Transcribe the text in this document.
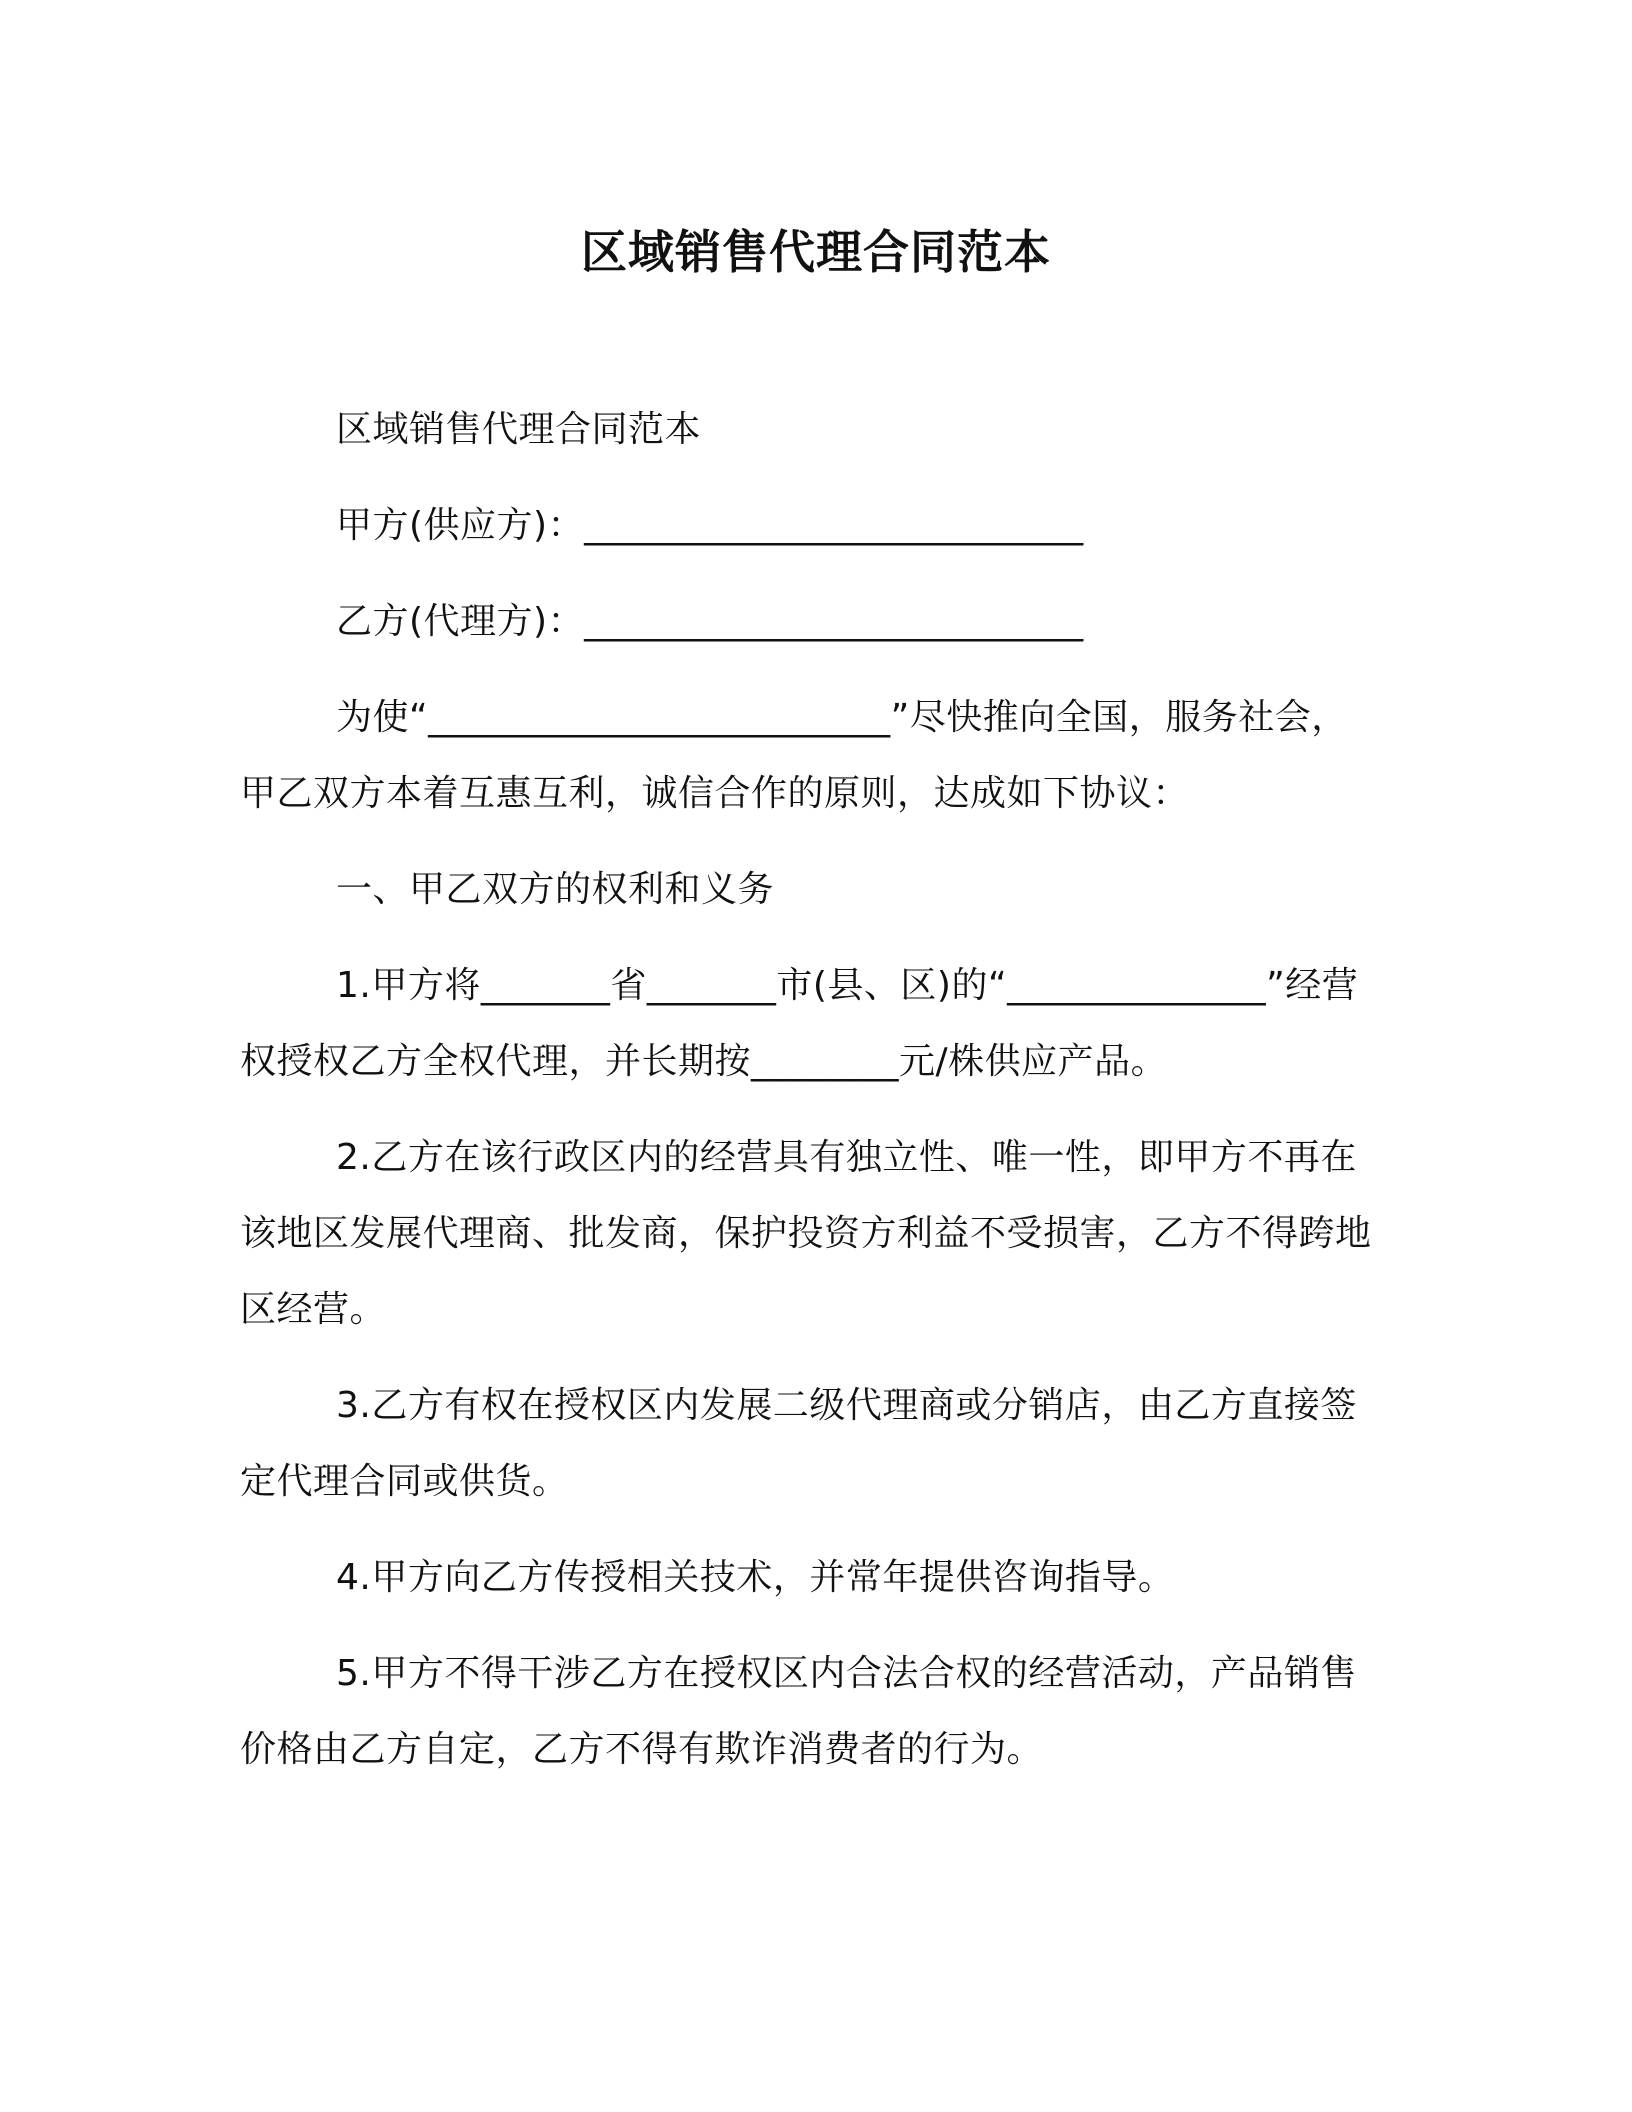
区域销售代理合同范本

区域销售代理合同范本

甲方(供应方)：___________________________

乙方(代理方)：___________________________

为使“_________________________”尽快推向全国，服务社会，甲乙双方本着互惠互利，诚信合作的原则，达成如下协议：

一、甲乙双方的权利和义务

1.甲方将_______省_______市(县、区)的“______________”经营权授权乙方全权代理，并长期按________元/株供应产品。

2.乙方在该行政区内的经营具有独立性、唯一性，即甲方不再在该地区发展代理商、批发商，保护投资方利益不受损害，乙方不得跨地区经营。

3.乙方有权在授权区内发展二级代理商或分销店，由乙方直接签定代理合同或供货。

4.甲方向乙方传授相关技术，并常年提供咨询指导。

5.甲方不得干涉乙方在授权区内合法合权的经营活动，产品销售价格由乙方自定，乙方不得有欺诈消费者的行为。
